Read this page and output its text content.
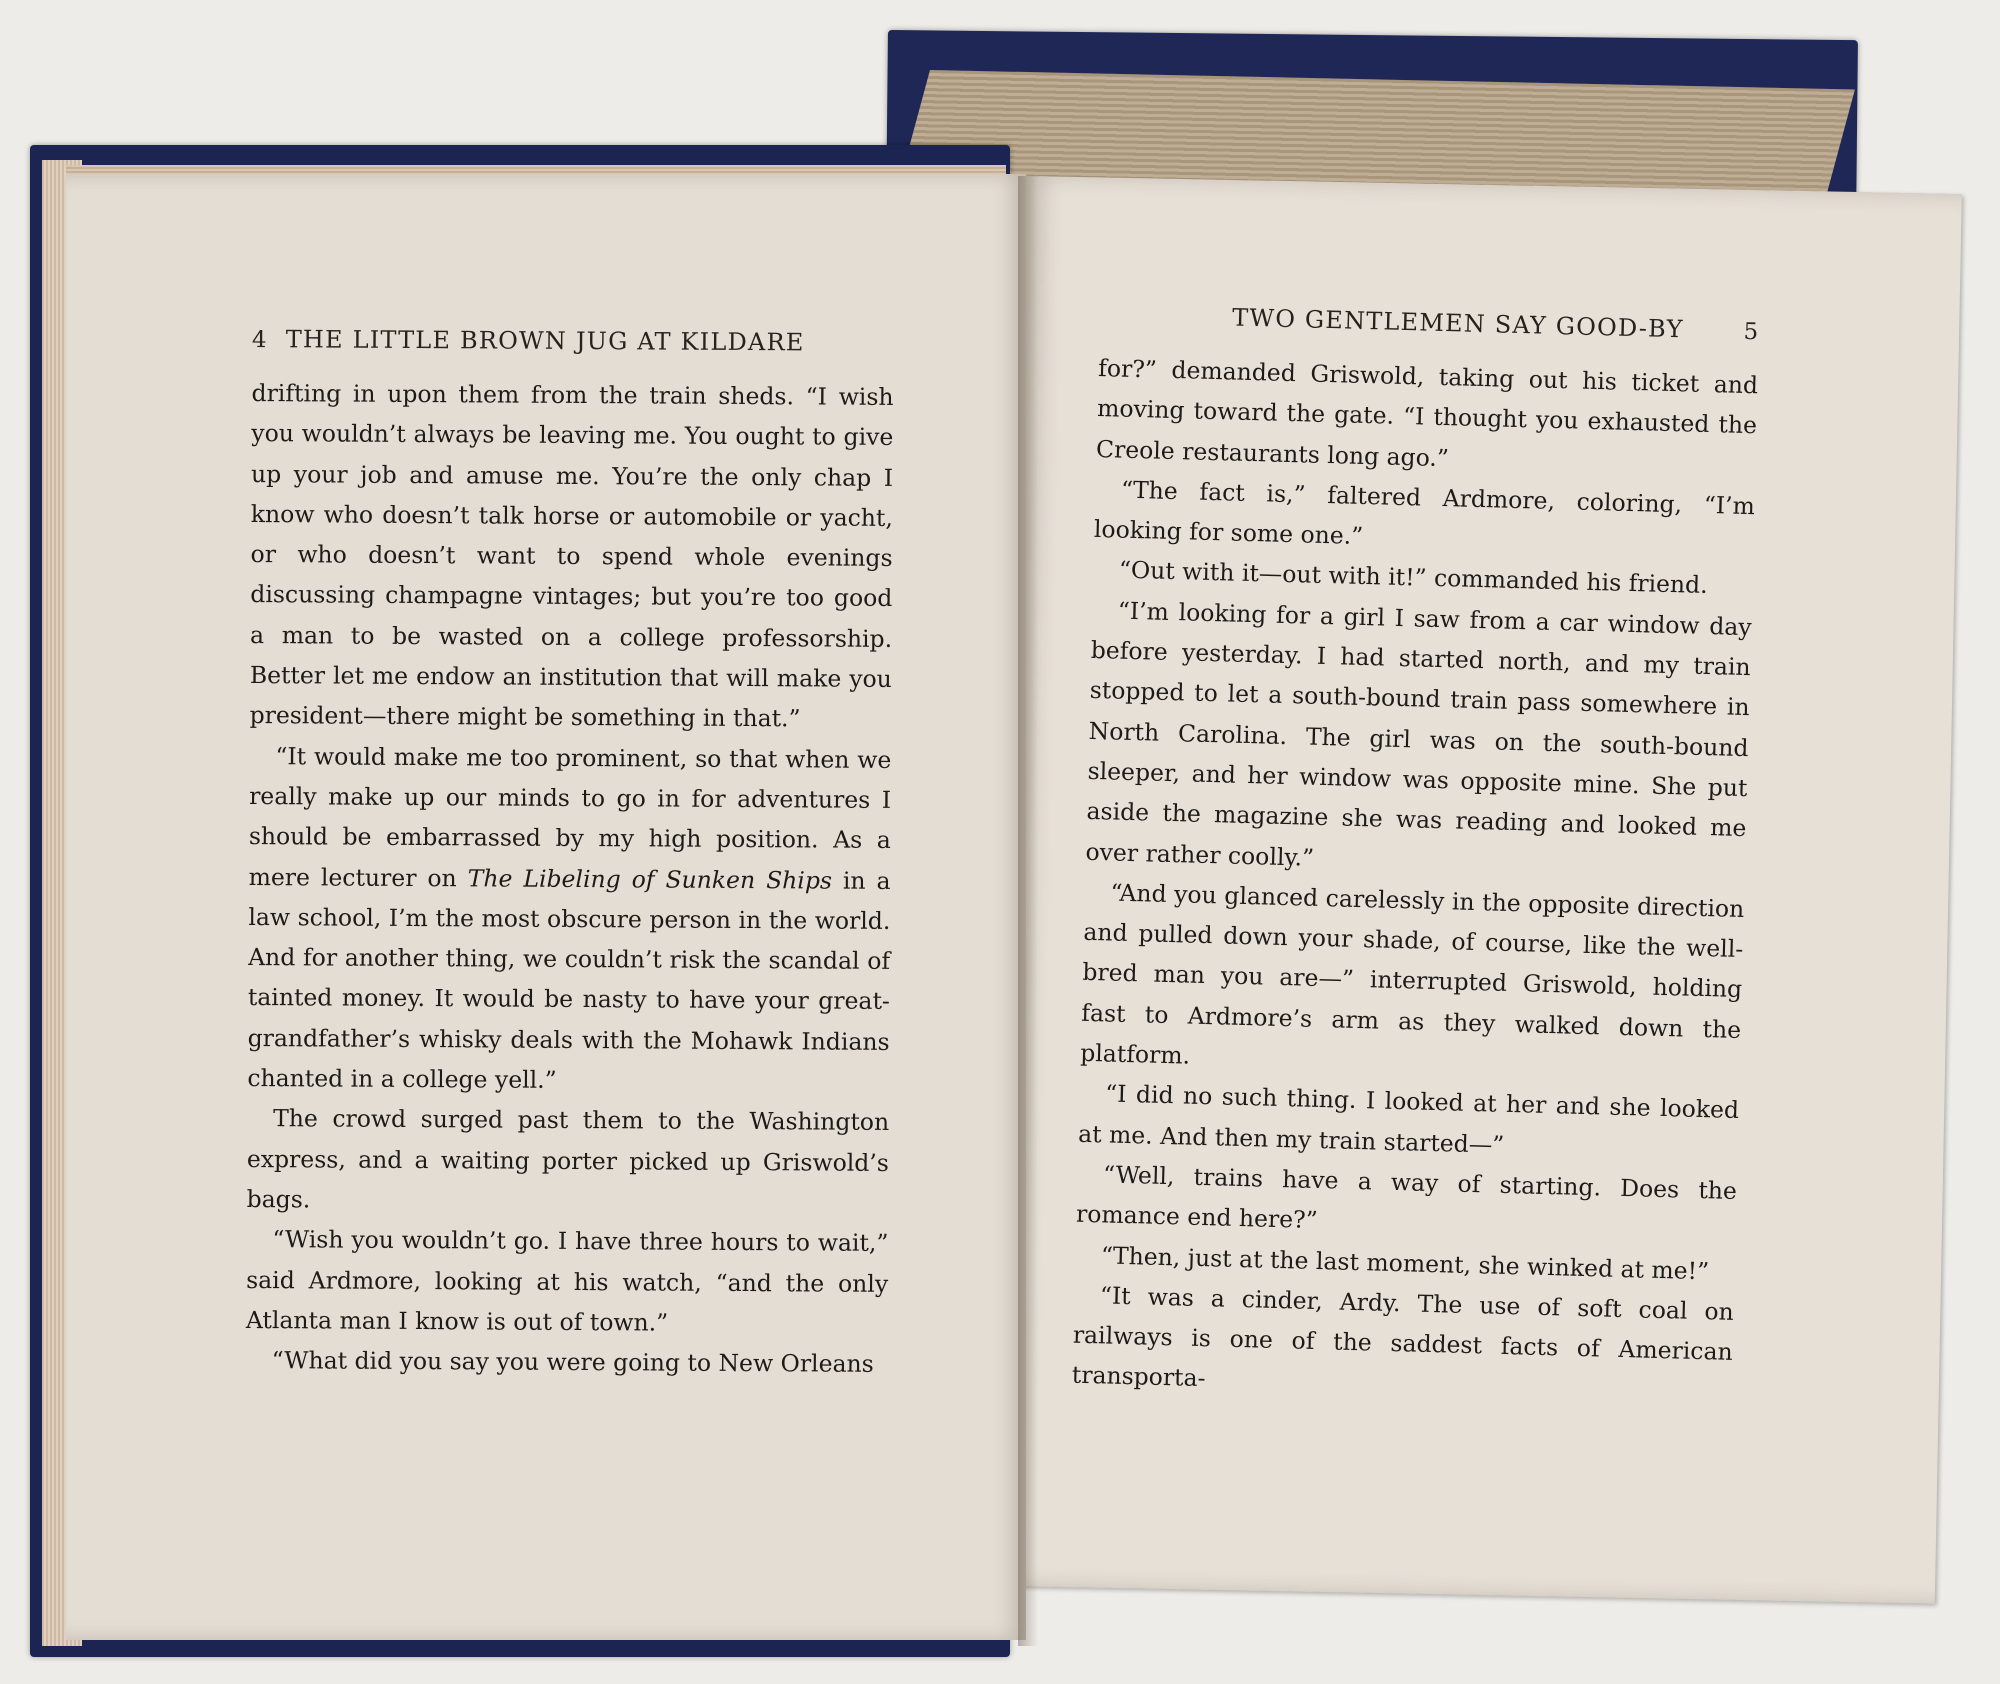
4 THE LITTLE BROWN JUG AT KILDARE

drifting in upon them from the train sheds. “I wish you wouldn’t always be leaving me. You ought to give up your job and amuse me. You’re the only chap I know who doesn’t talk horse or automobile or yacht, or who doesn’t want to spend whole evenings discussing champagne vintages; but you’re too good a man to be wasted on a college professorship. Better let me endow an institution that will make you president—there might be something in that.”

“It would make me too prominent, so that when we really make up our minds to go in for adventures I should be embarrassed by my high position. As a mere lecturer on The Libeling of Sunken Ships in a law school, I’m the most obscure person in the world. And for another thing, we couldn’t risk the scandal of tainted money. It would be nasty to have your great-grandfather’s whisky deals with the Mohawk Indians chanted in a college yell.”

The crowd surged past them to the Washington express, and a waiting porter picked up Griswold’s bags.

“Wish you wouldn’t go. I have three hours to wait,” said Ardmore, looking at his watch, “and the only Atlanta man I know is out of town.”

“What did you say you were going to New Orleans

TWO GENTLEMEN SAY GOOD-BY	5

for?” demanded Griswold, taking out his ticket and moving toward the gate. “I thought you exhausted the Creole restaurants long ago.”

“The fact is,” faltered Ardmore, coloring, “I’m looking for some one.”

“Out with it—out with it!” commanded his friend.

“I’m looking for a girl I saw from a car window day before yesterday. I had started north, and my train stopped to let a south-bound train pass somewhere in North Carolina. The girl was on the south-bound sleeper, and her window was opposite mine. She put aside the magazine she was reading and looked me over rather coolly.”

“And you glanced carelessly in the opposite direction and pulled down your shade, of course, like the well-bred man you are—” interrupted Griswold, holding fast to Ardmore’s arm as they walked down the platform.

“I did no such thing. I looked at her and she looked at me. And then my train started—”

“Well, trains have a way of starting. Does the romance end here?”

“Then, just at the last moment, she winked at me!”

“It was a cinder, Ardy. The use of soft coal on railways is one of the saddest facts of American transporta-
